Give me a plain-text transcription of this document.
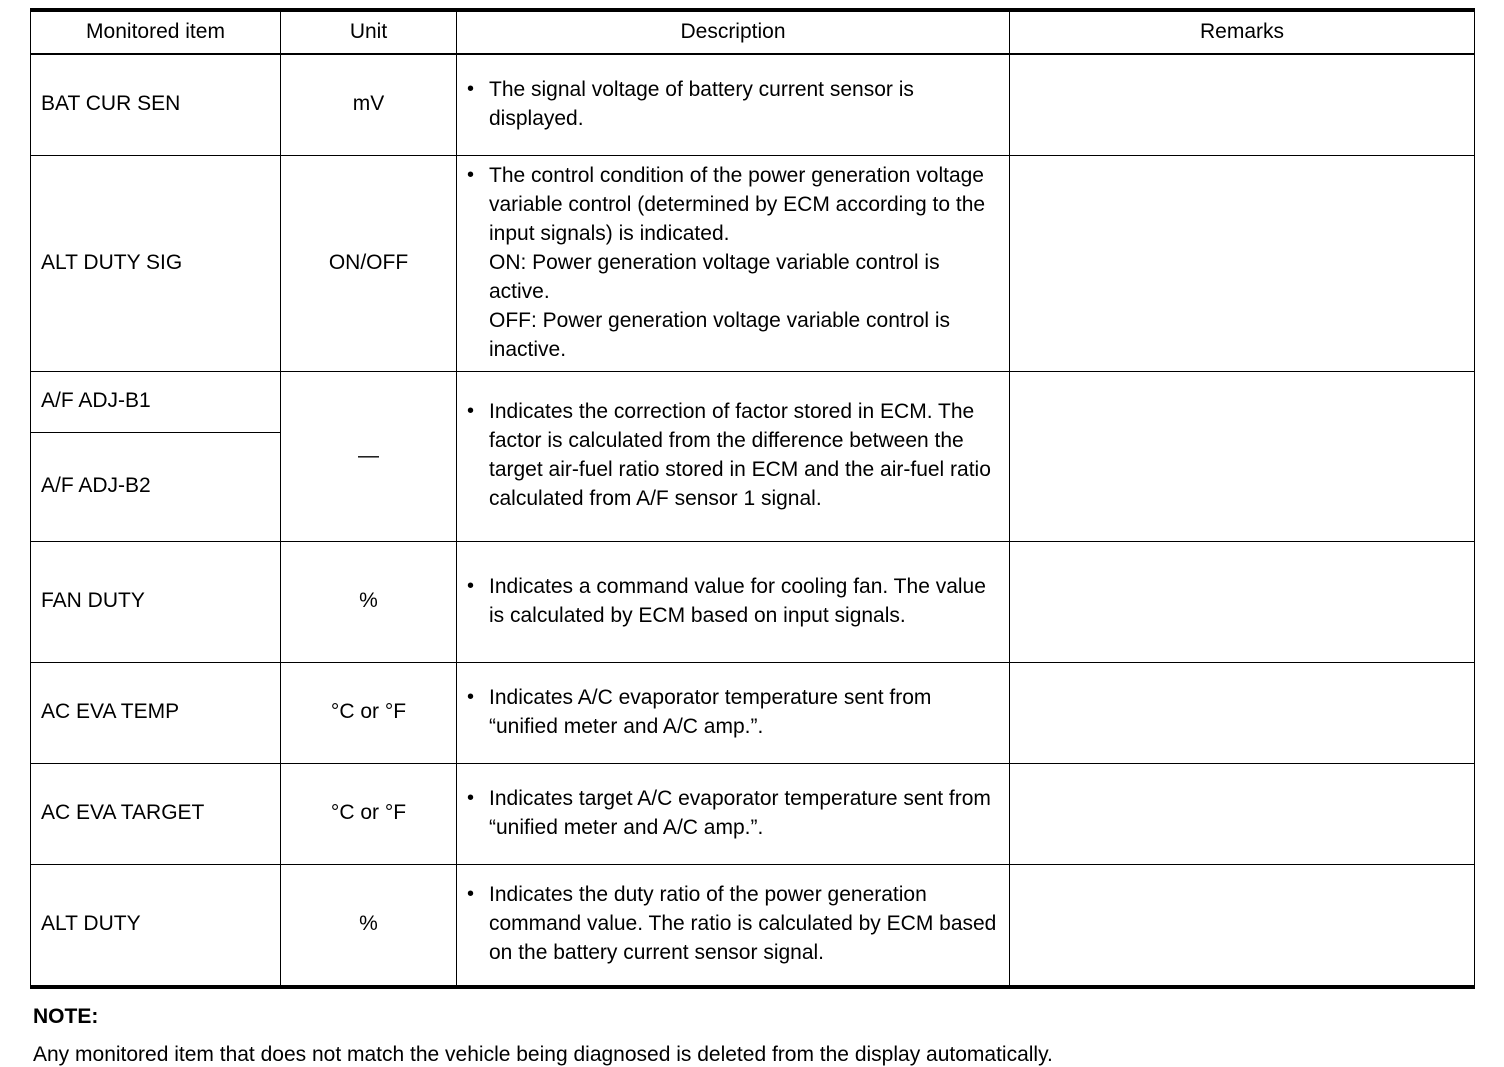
Monitored item	Unit	Description	Remarks
BAT CUR SEN	mV	• The signal voltage of battery current sensor is displayed.	

ALT DUTY SIG	ON/OFF	• The control condition of the power generation voltage variable control (determined by ECM according to the input signals) is indicated.
ON: Power generation voltage variable control is active.
OFF: Power generation voltage variable control is inactive.	

A/F ADJ-B1	—	• Indicates the correction of factor stored in ECM. The factor is calculated from the difference between the target air-fuel ratio stored in ECM and the air-fuel ratio calculated from A/F sensor 1 signal.	

A/F ADJ-B2			
FAN DUTY	%	• Indicates a command value for cooling fan. The value is calculated by ECM based on input signals.	

AC EVA TEMP	°C or °F	• Indicates A/C evaporator temperature sent from “unified meter and A/C amp.”.	

AC EVA TARGET	°C or °F	• Indicates target A/C evaporator temperature sent from “unified meter and A/C amp.”.	

ALT DUTY	%	• Indicates the duty ratio of the power generation command value. The ratio is calculated by ECM based on the battery current sensor signal.	

NOTE:
Any monitored item that does not match the vehicle being diagnosed is deleted from the display automatically.
